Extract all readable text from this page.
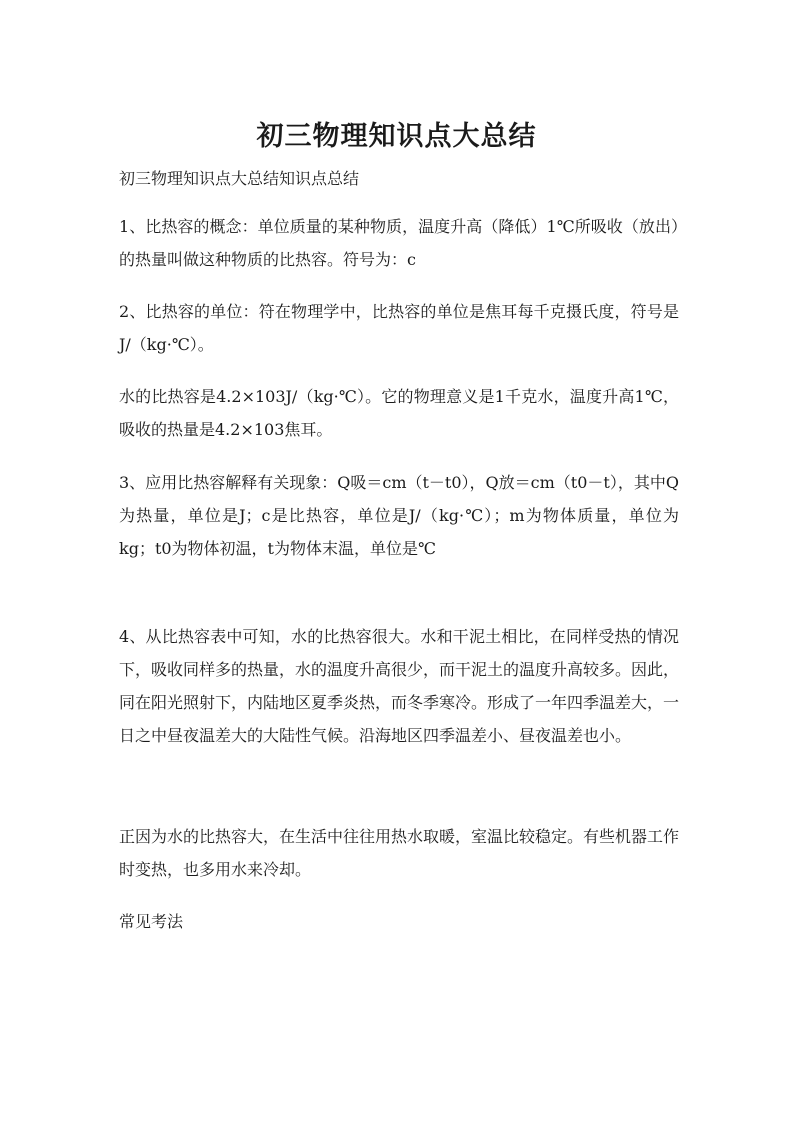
初三物理知识点大总结

初三物理知识点大总结知识点总结

1、比热容的概念：单位质量的某种物质，温度升高（降低）1℃所吸收（放出）的热量叫做这种物质的比热容。符号为：c

2、比热容的单位：符在物理学中，比热容的单位是焦耳每千克摄氏度，符号是J/（kg·℃）。

水的比热容是4.2×103J/（kg·℃）。它的物理意义是1千克水，温度升高1℃，吸收的热量是4.2×103焦耳。

3、应用比热容解释有关现象：Q吸＝cm（t－t0），Q放＝cm（t0－t），其中Q为热量，单位是J；c是比热容，单位是J/（kg·℃）；m为物体质量，单位为kg；t0为物体初温，t为物体末温，单位是℃

4、从比热容表中可知，水的比热容很大。水和干泥土相比，在同样受热的情况下，吸收同样多的热量，水的温度升高很少，而干泥土的温度升高较多。因此，同在阳光照射下，内陆地区夏季炎热，而冬季寒冷。形成了一年四季温差大，一日之中昼夜温差大的大陆性气候。沿海地区四季温差小、昼夜温差也小。

正因为水的比热容大，在生活中往往用热水取暖，室温比较稳定。有些机器工作时变热，也多用水来冷却。

常见考法
